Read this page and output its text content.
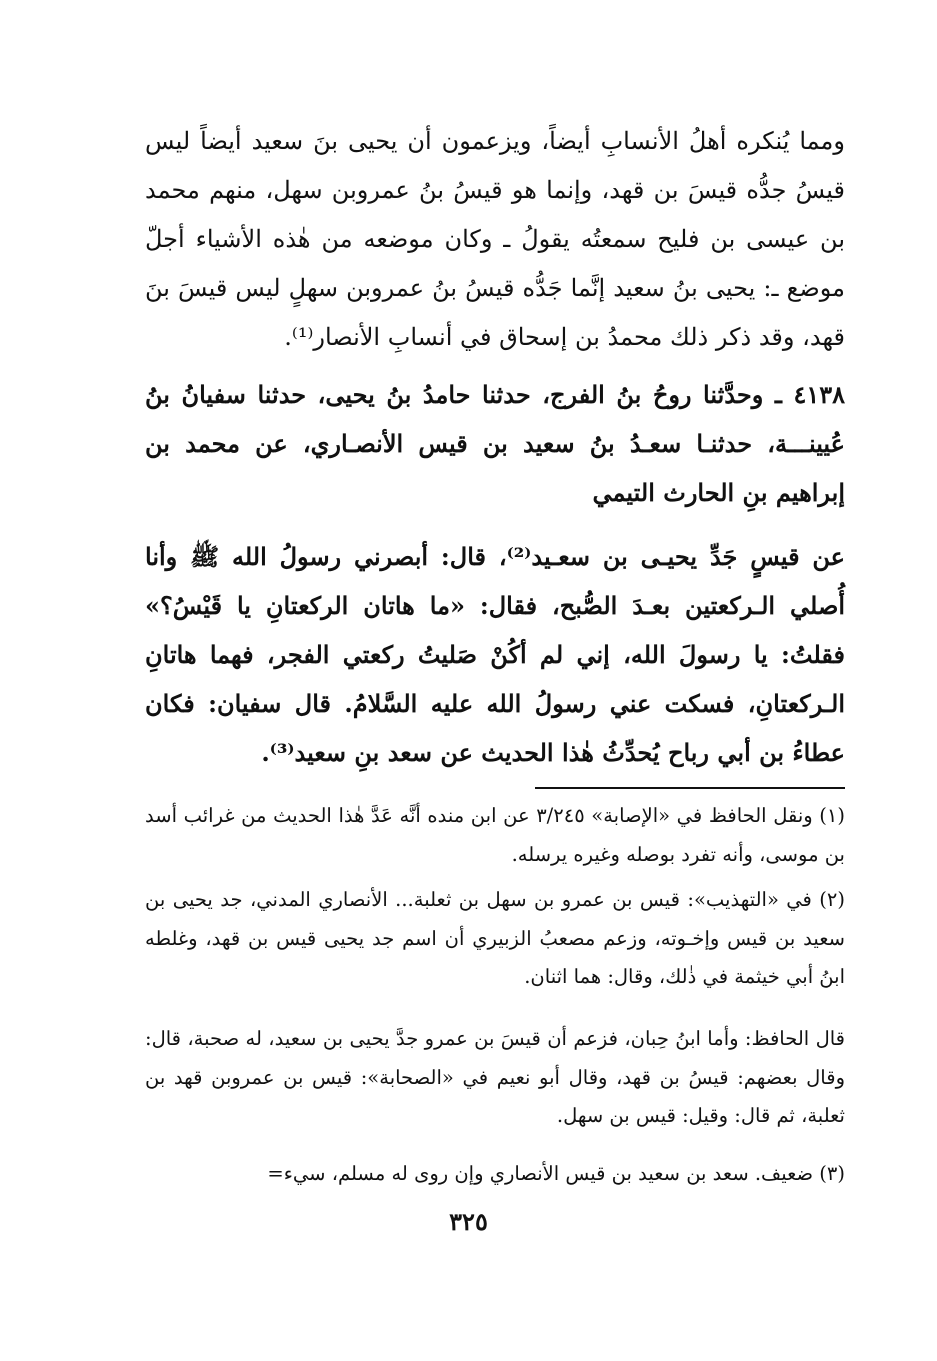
ومما يُنكره أهلُ الأنسابِ أيضاً، ويزعمون أن يحيى بنَ سعيد أيضاً ليس قيسُ جدُّه قيسَ بن قهد، وإنما هو قيسُ بنُ عمروبن سهل، منهم محمد بن عيسى بن فليح سمعتُه يقولُ ـ وكان موضعه من هٰذه الأشياء أجلّ موضع ـ: يحيى بنُ سعيد إنَّما جَدُّه قيسُ بنُ عمروبن سهلٍ ليس قيسَ بنَ قهد، وقد ذكر ذلك محمدُ بن إسحاق في أنسابِ الأنصار⁽¹⁾.

٤١٣٨ ـ وحدَّثنا روحُ بنُ الفرج، حدثنا حامدُ بنُ يحيى، حدثنا سفيانُ بنُ عُيينـــة، حدثنـا سعـدُ بنُ سعيد بن قيس الأنصـاري، عن محمد بن إبراهيم بنِ الحارث التيمي

عن قيسٍ جَدِّ يحيـى بن سعـيد⁽²⁾، قال: أبصرني رسولُ الله ﷺ وأنا أُصلي الـركعتين بعـدَ الصُّبح، فقال: «ما هاتان الركعتانِ يا قَيْسُ؟» فقلتُ: يا رسولَ الله، إني لم أكُنْ صَليتُ ركعتي الفجر، فهما هاتانِ الـركعتانِ، فسكت عني رسولُ الله عليه السَّلامُ. قال سفيان: فكان عطاءُ بن أبي رباح يُحدِّثُ هٰذا الحديث عن سعد بنِ سعيد⁽³⁾.

(١) ونقل الحافظ في «الإصابة» ٣/٢٤٥ عن ابن منده أنَّه عَدَّ هٰذا الحديث من غرائب أسد بن موسى، وأنه تفرد بوصله وغيره يرسله.

(٢) في «التهذيب»: قيس بن عمرو بن سهل بن ثعلبة... الأنصاري المدني، جد يحيى بن سعيد بن قيس وإخـوته، وزعم مصعبُ الزبيري أن اسم جد يحيى قيس بن قهد، وغلطه ابنُ أبي خيثمة في ذٰلك، وقال: هما اثنان.

قال الحافظ: وأما ابنُ حِبان، فزعم أن قيسَ بن عمرو جدَّ يحيى بن سعيد، له صحبة، قال: وقال بعضهم: قيسُ بن قهد، وقال أبو نعيم في «الصحابة»: قيس بن عمروبن قهد بن ثعلبة، ثم قال: وقيل: قيس بن سهل.

(٣) ضعيف. سعد بن سعيد بن قيس الأنصاري وإن روى له مسلم، سيء=

٣٢٥
